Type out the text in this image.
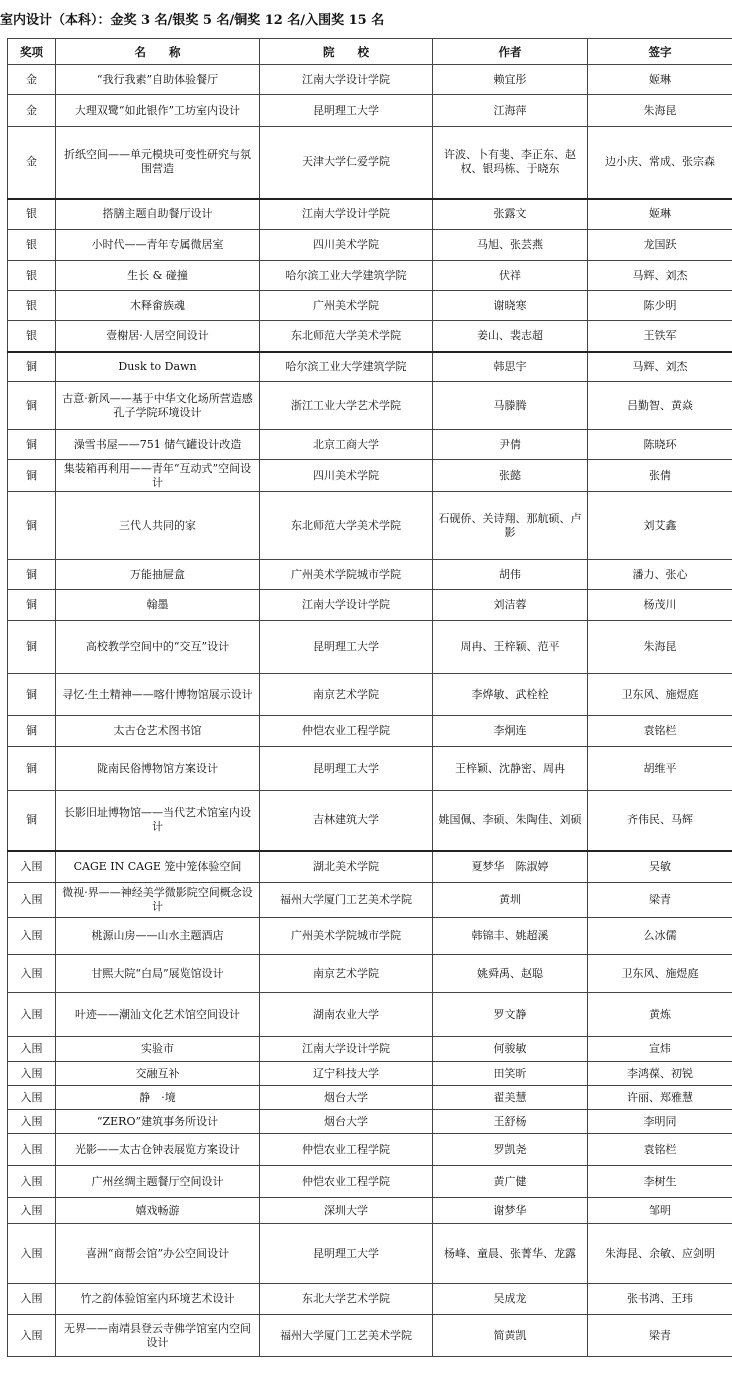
室内设计（本科）：金奖 3 名/银奖 5 名/铜奖 12 名/入围奖 15 名
奖项	名　　称	院　　校	作者	签字
金	“我行我素”自助体验餐厅	江南大学设计学院	赖宜彤	姬琳
金	大理双鹭“如此银作”工坊室内设计	昆明理工大学	江海萍	朱海昆
金	折纸空间——单元模块可变性研究与氛围营造	天津大学仁爱学院	许波、卜有斐、李正东、赵权、银玛栋、于晓东	边小庆、常成、张宗森
银	搭膳主题自助餐厅设计	江南大学设计学院	张露文	姬琳
银	小时代——青年专属微居室	四川美术学院	马旭、张芸燕	龙国跃
银	生长 & 碰撞	哈尔滨工业大学建筑学院	伏祥	马辉、刘杰
银	木释畲族魂	广州美术学院	谢晓寒	陈少明
银	壹榭居·人居空间设计	东北师范大学美术学院	姜山、裴志超	王铁军
铜	Dusk to Dawn	哈尔滨工业大学建筑学院	韩思宇	马辉、刘杰
铜	古意·新风——基于中华文化场所营造感孔子学院环境设计	浙江工业大学艺术学院	马滕腾	吕勤智、黄焱
铜	澡雪书屋——751 储气罐设计改造	北京工商大学	尹倩	陈晓环
铜	集装箱再利用——青年“互动式”空间设计	四川美术学院	张懿	张倩
铜	三代人共同的家	东北师范大学美术学院	石砚侨、关诗翔、那航硕、卢影	刘艾鑫
铜	万能抽屉盒	广州美术学院城市学院	胡伟	潘力、张心
铜	翰墨	江南大学设计学院	刘洁蓉	杨茂川
铜	高校教学空间中的“交互”设计	昆明理工大学	周冉、王梓颖、范平	朱海昆
铜	寻忆·生土精神——喀什博物馆展示设计	南京艺术学院	李烨敏、武栓栓	卫东风、施煜庭
铜	太古仓艺术图书馆	仲恺农业工程学院	李炯连	袁铭栏
铜	陇南民俗博物馆方案设计	昆明理工大学	王梓颖、沈静密、周冉	胡维平
铜	长影旧址博物馆——当代艺术馆室内设计	吉林建筑大学	姚国佩、李硕、朱陶佳、刘硕	齐伟民、马辉
入围	CAGE IN CAGE 笼中笼体验空间	湖北美术学院	夏梦华　陈淑婷	吴敏
入围	微视·界——神经美学微影院空间概念设计	福州大学厦门工艺美术学院	黄圳	梁青
入围	桃源山房——山水主题酒店	广州美术学院城市学院	韩锦丰、姚超溪	么冰儒
入围	甘熙大院“白局”展览馆设计	南京艺术学院	姚舜禹、赵聪	卫东风、施煜庭
入围	叶迹——潮汕文化艺术馆空间设计	湖南农业大学	罗文静	黄炼
入围	实验市	江南大学设计学院	何骏敏	宣炜
入围	交融互补	辽宁科技大学	田笑昕	李鸿葆、初锐
入围	静　·境	烟台大学	翟美慧	许丽、郑雅慧
入围	“ZERO”建筑事务所设计	烟台大学	王舒杨	李明同
入围	光影——太古仓钟表展览方案设计	仲恺农业工程学院	罗凯尧	袁铭栏
入围	广州丝绸主题餐厅空间设计	仲恺农业工程学院	黄广健	李树生
入围	嬉戏畅游	深圳大学	谢梦华	邹明
入围	喜洲“商帮会馆”办公空间设计	昆明理工大学	杨峰、童晨、张菁华、龙露	朱海昆、余敏、应剑明
入围	竹之韵体验馆室内环境艺术设计	东北大学艺术学院	吴成龙	张书鸿、王玮
入围	无界——南靖县登云寺佛学馆室内空间设计	福州大学厦门工艺美术学院	简黄凯	梁青
